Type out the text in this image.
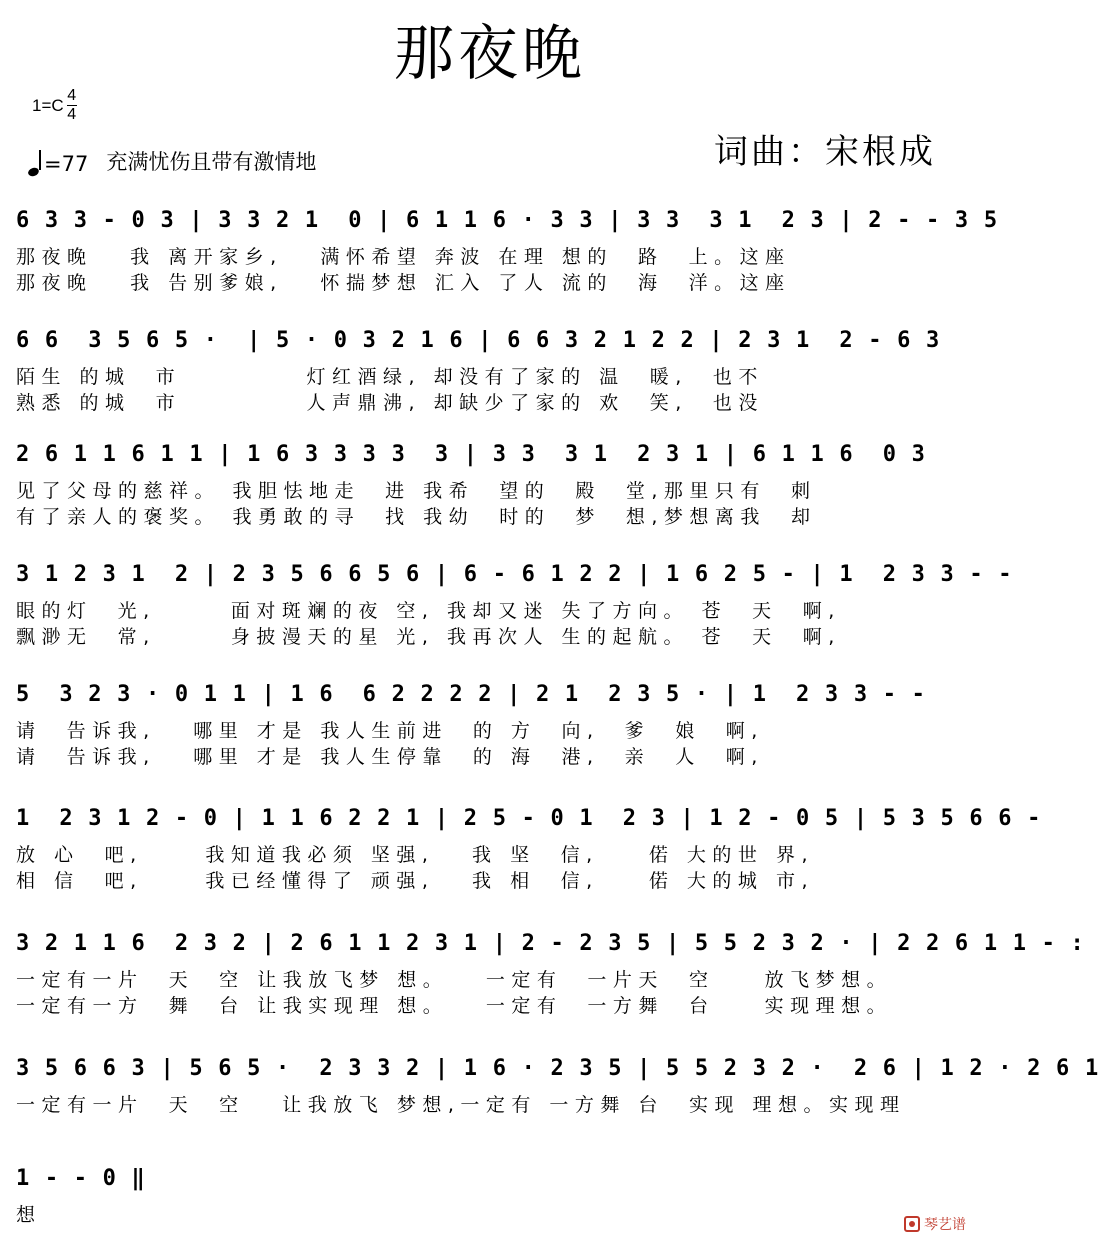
那夜晚
$1=C \frac{4}{4}$
=77 充满忧伤且带有激情地	词曲：宋根成
6 3 3 - 0 3 | 3 3 2 1  0 | 6 1 1 6 · 3 3 | 3 3  3 1  2 3 | 2 - - 3 5
那夜晚   我 离开家乡,   满怀希望 奔波 在理 想的  路  上。这座
那夜晚   我 告别爹娘,   怀揣梦想 汇入 了人 流的  海  洋。这座
6 6  3 5 6 5 ·  | 5 · 0 3 2 1 6 | 6 6 3 2 1 2 2 | 2 3 1  2 - 6 3
陌生 的城  市          灯红酒绿, 却没有了家的 温  暖,  也不
熟悉 的城  市          人声鼎沸, 却缺少了家的 欢  笑,  也没
2 6 1 1 6 1 1 | 1 6 3 3 3 3  3 | 3 3  3 1  2 3 1 | 6 1 1 6  0 3
见了父母的慈祥。 我胆怯地走  进 我希  望的  殿  堂,那里只有  刺
有了亲人的褒奖。 我勇敢的寻  找 我幼  时的  梦  想,梦想离我  却
3 1 2 3 1  2 | 2 3 5 6 6 5 6 | 6 - 6 1 2 2 | 1 6 2 5 - | 1  2 3 3 - -
眼的灯  光,      面对斑斓的夜 空, 我却又迷 失了方向。 苍  天  啊,
飘渺无  常,      身披漫天的星 光, 我再次人 生的起航。 苍  天  啊,
5  3 2 3 · 0 1 1 | 1 6  6 2 2 2 2 | 2 1  2 3 5 · | 1  2 3 3 - -
请  告诉我,   哪里 才是 我人生前进  的 方  向,  爹  娘  啊,
请  告诉我,   哪里 才是 我人生停靠  的 海  港,  亲  人  啊,
1  2 3 1 2 - 0 | 1 1 6 2 2 1 | 2 5 - 0 1  2 3 | 1 2 - 0 5 | 5 3 5 6 6 -
放 心  吧,     我知道我必须 坚强,   我 坚  信,    偌 大的世 界,
相 信  吧,     我已经懂得了 顽强,   我 相  信,    偌 大的城 市,
3 2 1 1 6  2 3 2 | 2 6 1 1 2 3 1 | 2 - 2 3 5 | 5 5 2 3 2 · | 2 2 6 1 1 - :
一定有一片  天  空 让我放飞梦 想。   一定有  一片天  空    放飞梦想。
一定有一方  舞  台 让我实现理 想。   一定有  一方舞  台    实现理想。
3 5 6 6 3 | 5 6 5 ·  2 3 3 2 | 1 6 · 2 3 5 | 5 5 2 3 2 ·  2 6 | 1 2 · 2 6 1
一定有一片  天  空   让我放飞 梦想,一定有 一方舞 台  实现 理想。实现理
1 - - 0 ‖
想	琴艺谱
